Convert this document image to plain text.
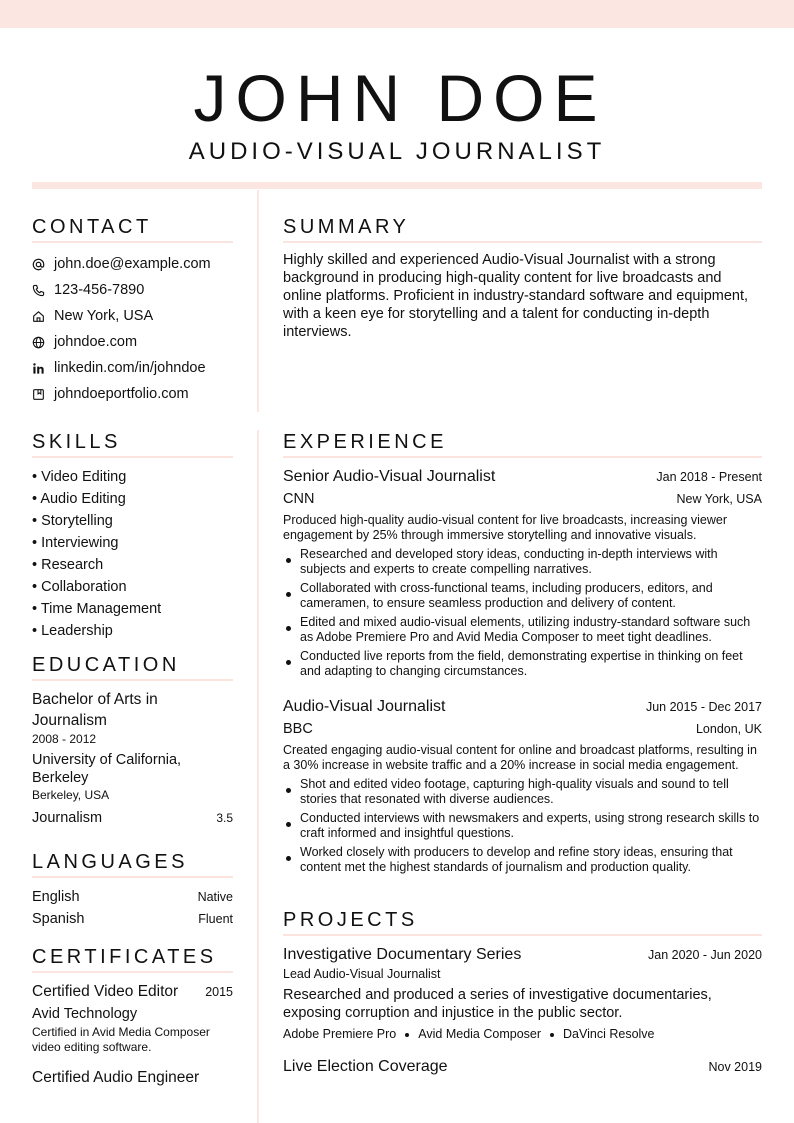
JOHN DOE
AUDIO-VISUAL JOURNALIST
CONTACT
john.doe@example.com
123-456-7890
New York, USA
johndoe.com
linkedin.com/in/johndoe
johndoeportfolio.com
SKILLS
• Video Editing
• Audio Editing
• Storytelling
• Interviewing
• Research
• Collaboration
• Time Management
• Leadership
EDUCATION
Bachelor of Arts in Journalism
2008 - 2012
University of California, Berkeley
Berkeley, USA
Journalism	3.5
LANGUAGES
English	Native
Spanish	Fluent
CERTIFICATES
Certified Video Editor 2015
Avid Technology
Certified in Avid Media Composer video editing software.
Certified Audio Engineer
SUMMARY

Highly skilled and experienced Audio-Visual Journalist with a strong background in producing high-quality content for live broadcasts and online platforms. Proficient in industry-standard software and equipment, with a keen eye for storytelling and a talent for conducting in-depth interviews.

EXPERIENCE
Senior Audio-Visual Journalist	Jan 2018 - Present
CNN	New York, USA

Produced high-quality audio-visual content for live broadcasts, increasing viewer engagement by 25% through immersive storytelling and innovative visuals.

Researched and developed story ideas, conducting in-depth interviews with subjects and experts to create compelling narratives.
Collaborated with cross-functional teams, including producers, editors, and cameramen, to ensure seamless production and delivery of content.
Edited and mixed audio-visual elements, utilizing industry-standard software such as Adobe Premiere Pro and Avid Media Composer to meet tight deadlines.
Conducted live reports from the field, demonstrating expertise in thinking on feet and adapting to changing circumstances.
Audio-Visual Journalist	Jun 2015 - Dec 2017
BBC	London, UK

Created engaging audio-visual content for online and broadcast platforms, resulting in a 30% increase in website traffic and a 20% increase in social media engagement.

Shot and edited video footage, capturing high-quality visuals and sound to tell stories that resonated with diverse audiences.
Conducted interviews with newsmakers and experts, using strong research skills to craft informed and insightful questions.
Worked closely with producers to develop and refine story ideas, ensuring that content met the highest standards of journalism and production quality.
PROJECTS
Investigative Documentary Series	Jan 2020 - Jun 2020
Lead Audio-Visual Journalist

Researched and produced a series of investigative documentaries, exposing corruption and injustice in the public sector.

Adobe Premiere Pro Avid Media Composer DaVinci Resolve
Live Election Coverage	Nov 2019
